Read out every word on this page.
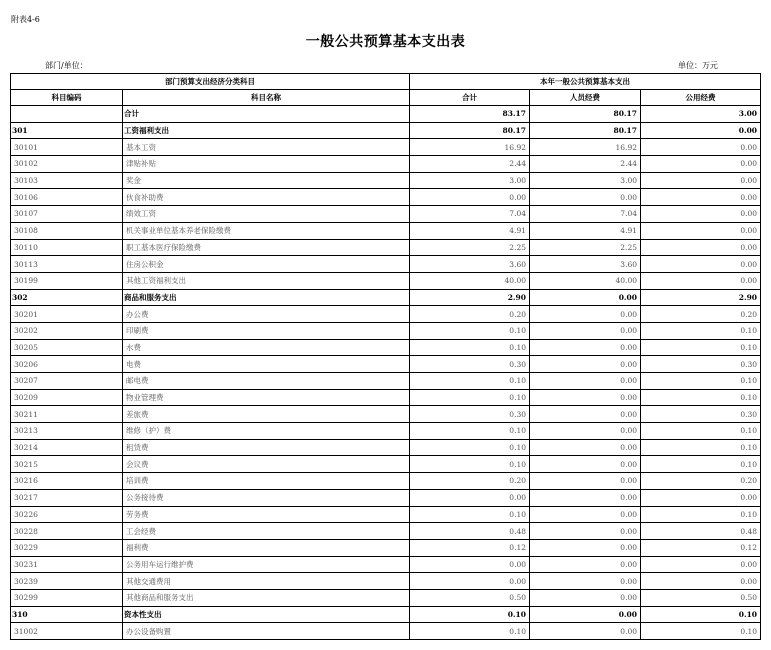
附表4-6
一般公共预算基本支出表
部门/单位：	单位：万元
部门预算支出经济分类科目		本年一般公共预算基本支出		
科目编码	科目名称	合计	人员经费	公用经费
	合计	83.17	80.17	3.00
301	工资福利支出	80.17	80.17	0.00
30101	基本工资	16.92	16.92	0.00
30102	津贴补贴	2.44	2.44	0.00
30103	奖金	3.00	3.00	0.00
30106	伙食补助费	0.00	0.00	0.00
30107	绩效工资	7.04	7.04	0.00
30108	机关事业单位基本养老保险缴费	4.91	4.91	0.00
30110	职工基本医疗保险缴费	2.25	2.25	0.00
30113	住房公积金	3.60	3.60	0.00
30199	其他工资福利支出	40.00	40.00	0.00
302	商品和服务支出	2.90	0.00	2.90
30201	办公费	0.20	0.00	0.20
30202	印刷费	0.10	0.00	0.10
30205	水费	0.10	0.00	0.10
30206	电费	0.30	0.00	0.30
30207	邮电费	0.10	0.00	0.10
30209	物业管理费	0.10	0.00	0.10
30211	差旅费	0.30	0.00	0.30
30213	维修（护）费	0.10	0.00	0.10
30214	租赁费	0.10	0.00	0.10
30215	会议费	0.10	0.00	0.10
30216	培训费	0.20	0.00	0.20
30217	公务接待费	0.00	0.00	0.00
30226	劳务费	0.10	0.00	0.10
30228	工会经费	0.48	0.00	0.48
30229	福利费	0.12	0.00	0.12
30231	公务用车运行维护费	0.00	0.00	0.00
30239	其他交通费用	0.00	0.00	0.00
30299	其他商品和服务支出	0.50	0.00	0.50
310	资本性支出	0.10	0.00	0.10
31002	办公设备购置	0.10	0.00	0.10
